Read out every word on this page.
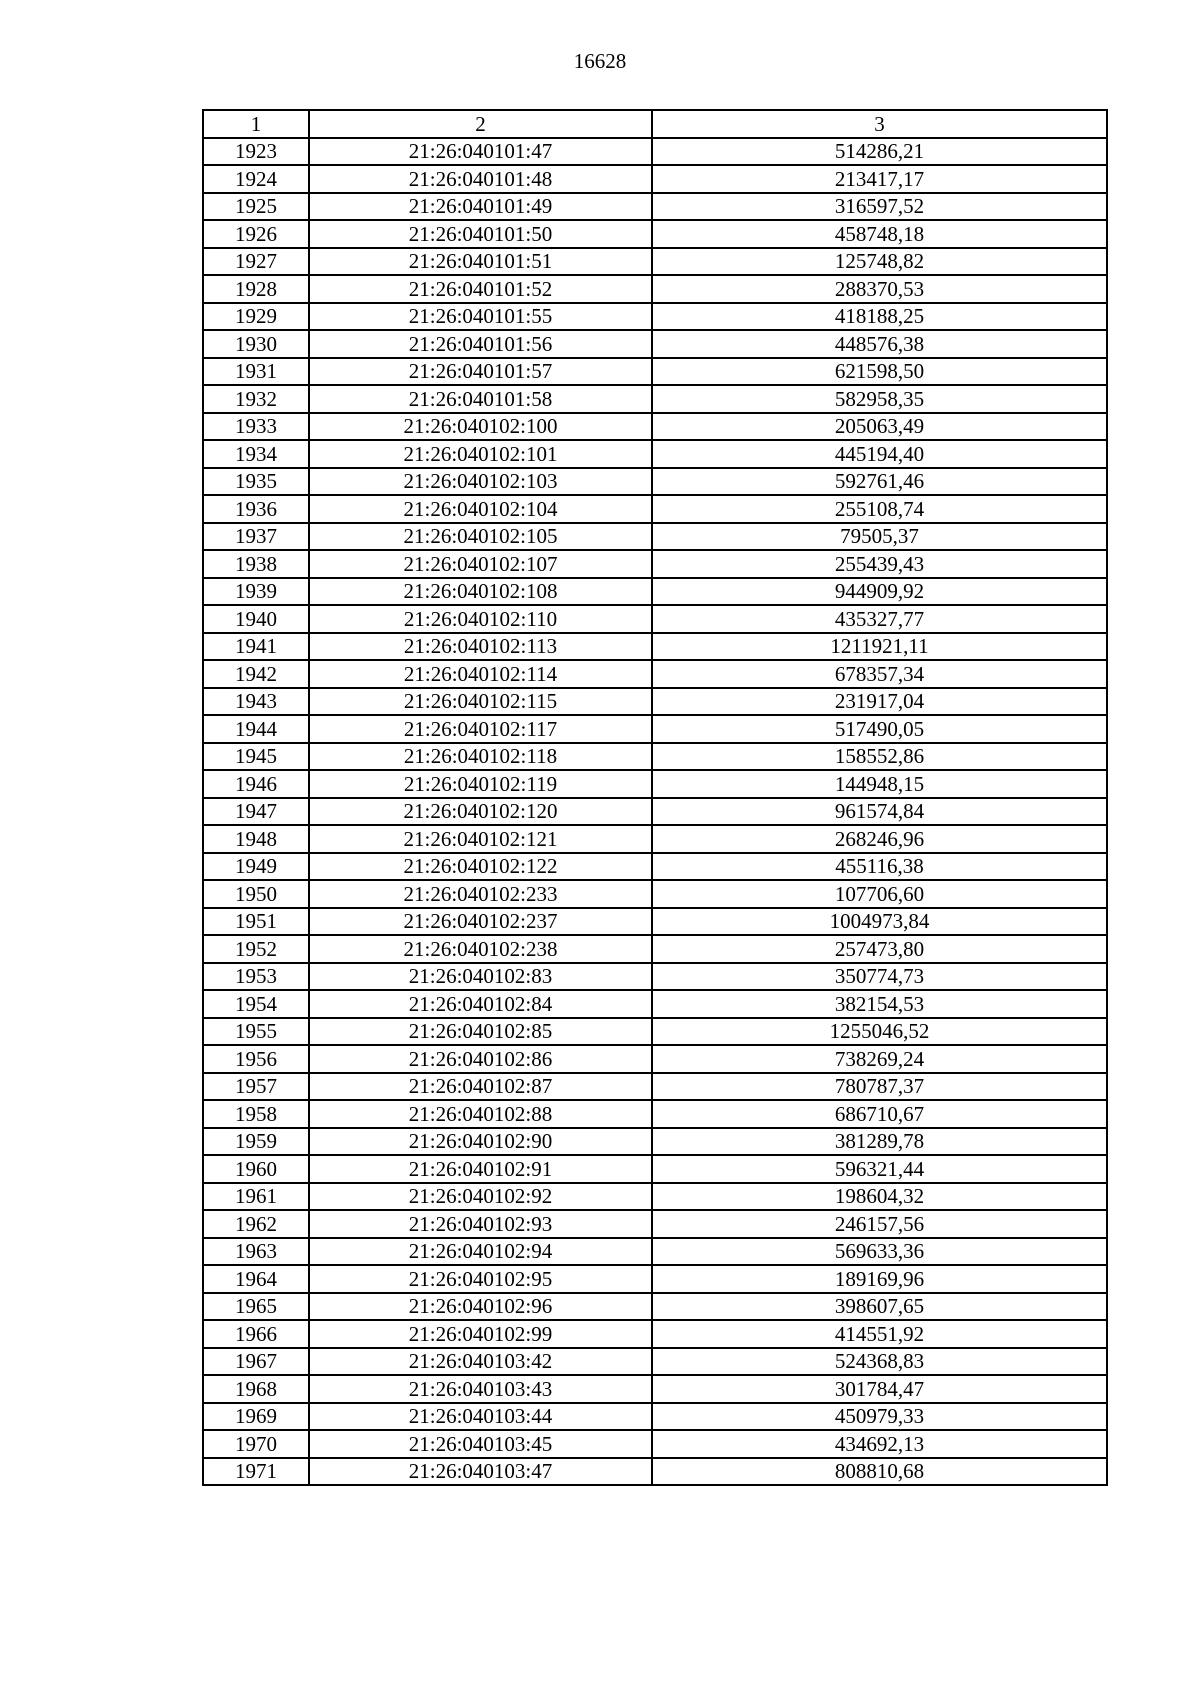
16628
1	2	3
1923	21:26:040101:47	514286,21
1924	21:26:040101:48	213417,17
1925	21:26:040101:49	316597,52
1926	21:26:040101:50	458748,18
1927	21:26:040101:51	125748,82
1928	21:26:040101:52	288370,53
1929	21:26:040101:55	418188,25
1930	21:26:040101:56	448576,38
1931	21:26:040101:57	621598,50
1932	21:26:040101:58	582958,35
1933	21:26:040102:100	205063,49
1934	21:26:040102:101	445194,40
1935	21:26:040102:103	592761,46
1936	21:26:040102:104	255108,74
1937	21:26:040102:105	79505,37
1938	21:26:040102:107	255439,43
1939	21:26:040102:108	944909,92
1940	21:26:040102:110	435327,77
1941	21:26:040102:113	1211921,11
1942	21:26:040102:114	678357,34
1943	21:26:040102:115	231917,04
1944	21:26:040102:117	517490,05
1945	21:26:040102:118	158552,86
1946	21:26:040102:119	144948,15
1947	21:26:040102:120	961574,84
1948	21:26:040102:121	268246,96
1949	21:26:040102:122	455116,38
1950	21:26:040102:233	107706,60
1951	21:26:040102:237	1004973,84
1952	21:26:040102:238	257473,80
1953	21:26:040102:83	350774,73
1954	21:26:040102:84	382154,53
1955	21:26:040102:85	1255046,52
1956	21:26:040102:86	738269,24
1957	21:26:040102:87	780787,37
1958	21:26:040102:88	686710,67
1959	21:26:040102:90	381289,78
1960	21:26:040102:91	596321,44
1961	21:26:040102:92	198604,32
1962	21:26:040102:93	246157,56
1963	21:26:040102:94	569633,36
1964	21:26:040102:95	189169,96
1965	21:26:040102:96	398607,65
1966	21:26:040102:99	414551,92
1967	21:26:040103:42	524368,83
1968	21:26:040103:43	301784,47
1969	21:26:040103:44	450979,33
1970	21:26:040103:45	434692,13
1971	21:26:040103:47	808810,68
